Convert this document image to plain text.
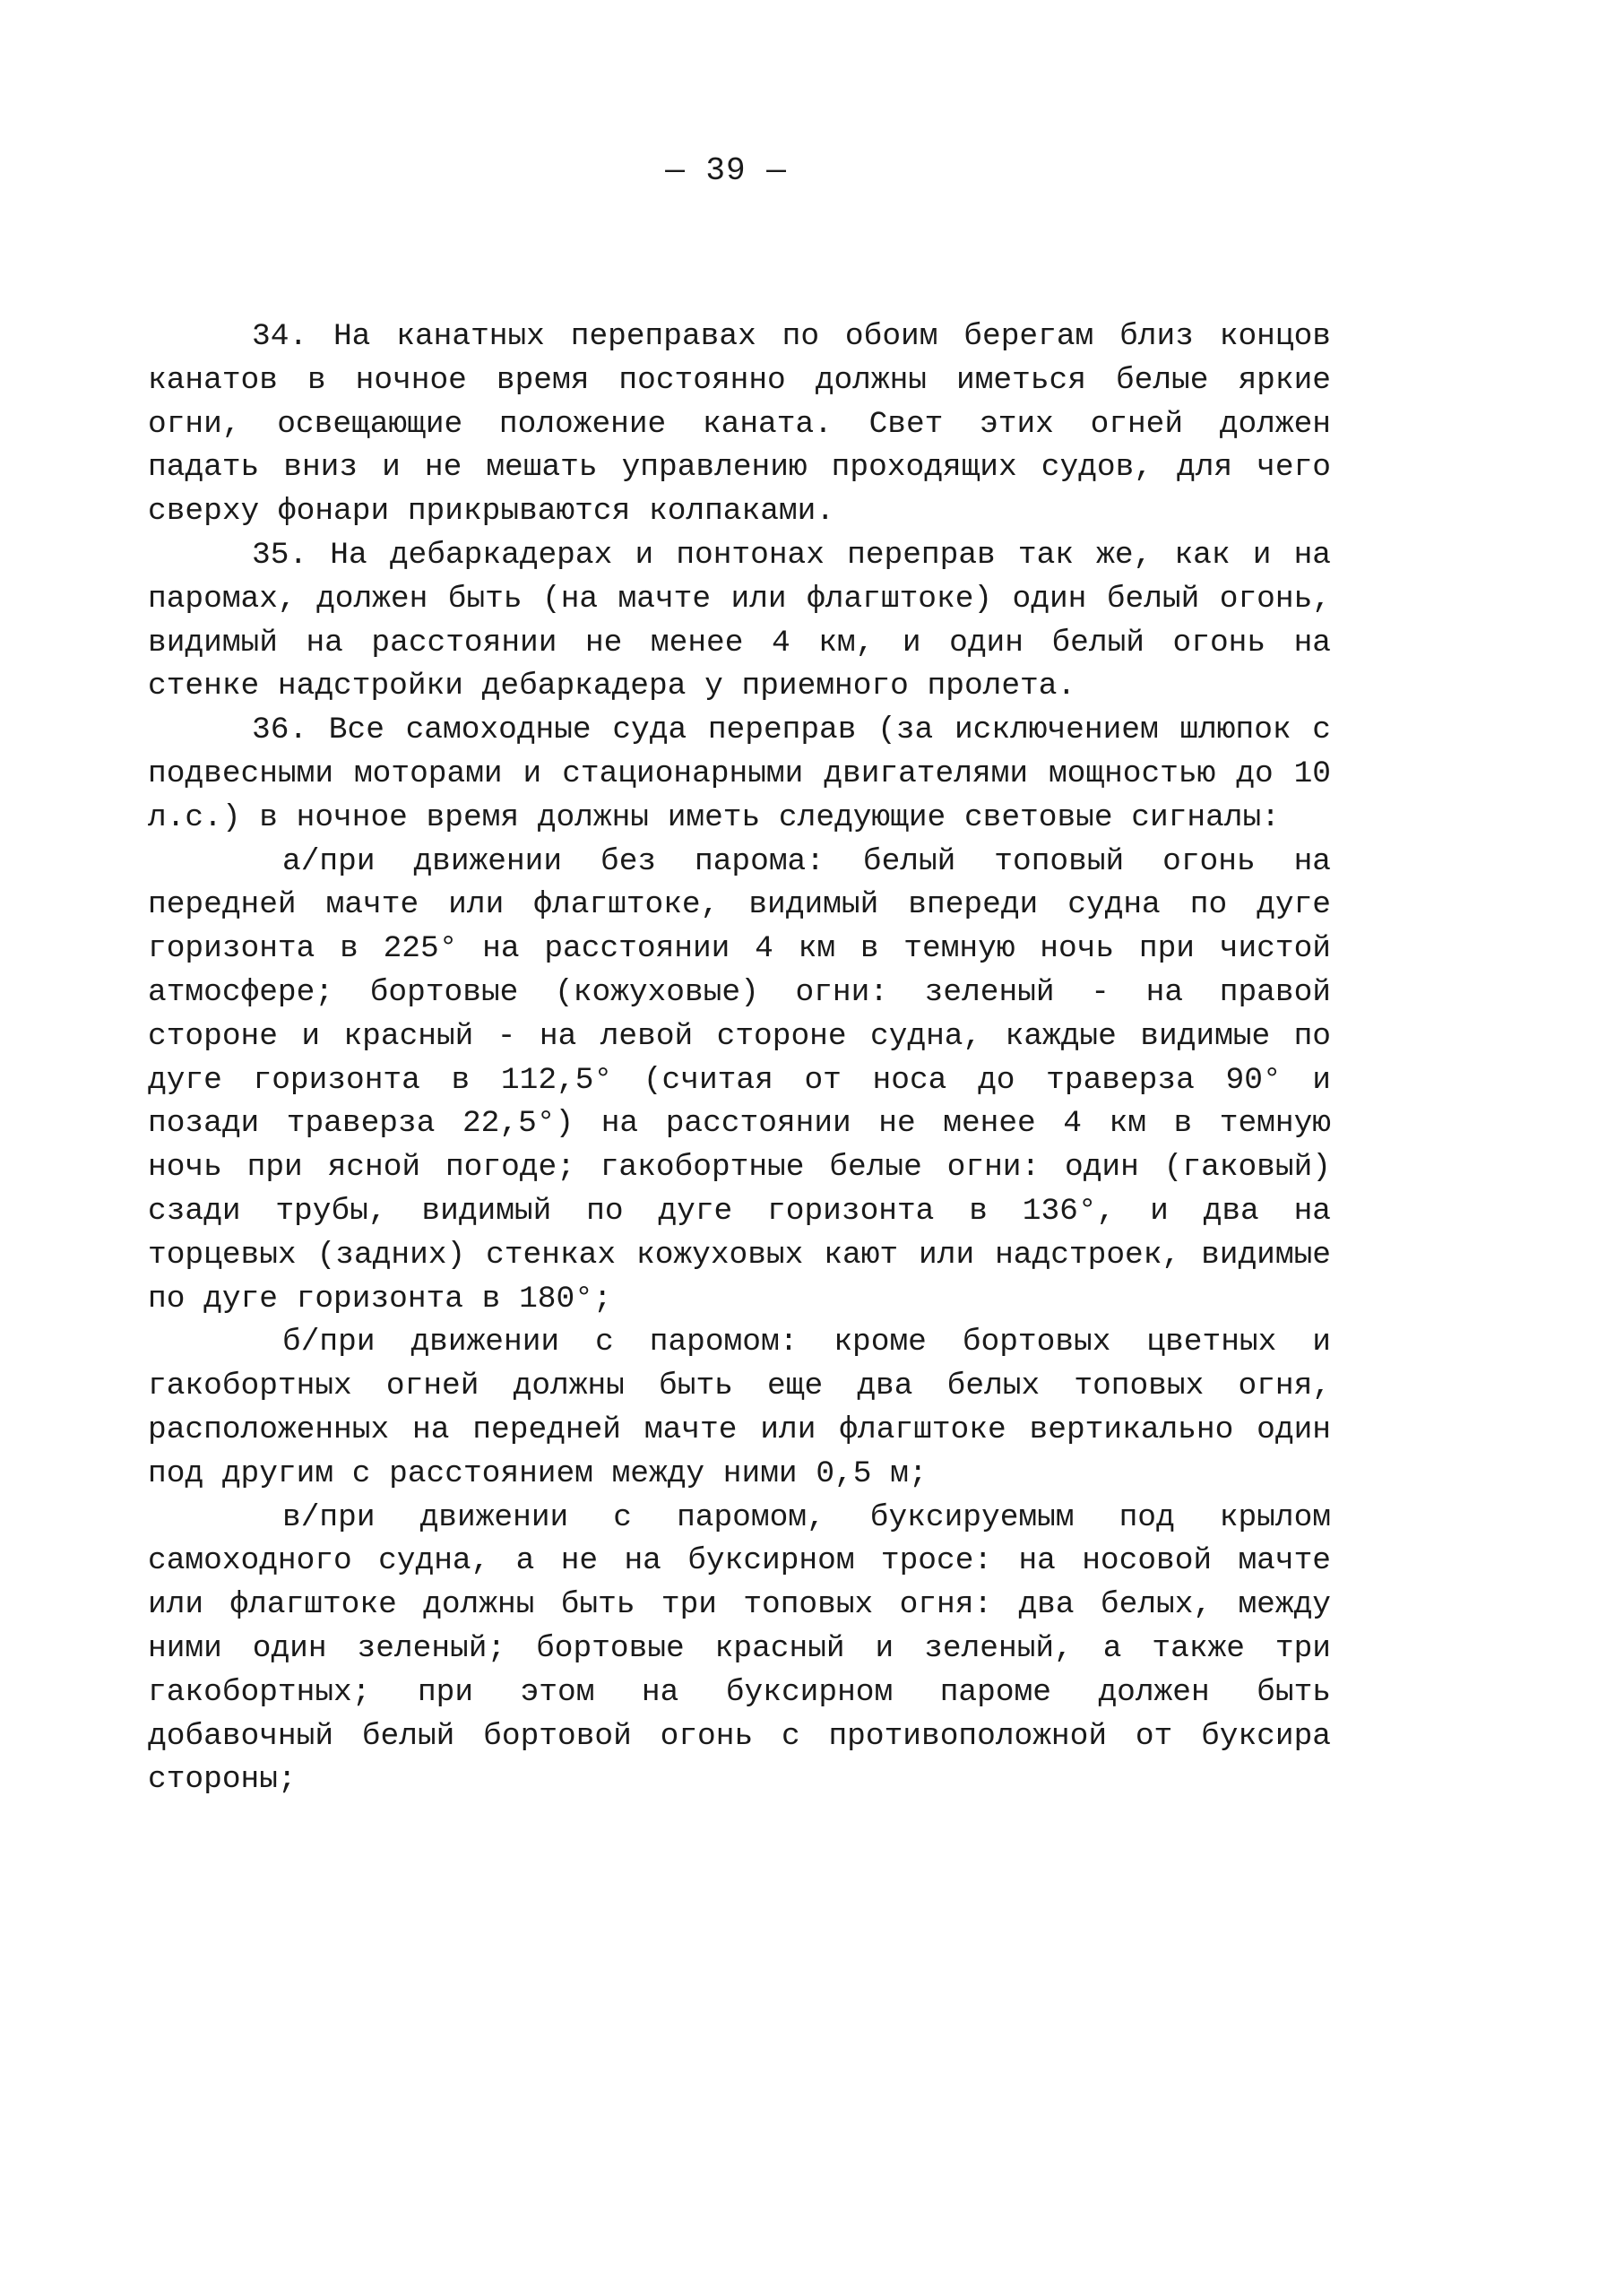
— 39 —

34. На канатных переправах по обоим берегам близ концов канатов в ночное время постоянно должны иметься белые яркие огни, освещающие положение каната. Свет этих огней должен падать вниз и не мешать управлению проходящих судов, для чего сверху фонари прикрываются колпаками.

35. На дебаркадерах и понтонах переправ так же, как и на паромах, должен быть (на мачте или флагштоке) один белый огонь, видимый на расстоянии не менее 4 км, и один белый огонь на стенке надстройки дебаркадера у приемного пролета.

36. Все самоходные суда переправ (за исключением шлюпок с подвесными моторами и стационарными двигателями мощностью до 10 л.с.) в ночное время должны иметь следующие световые сигналы:

а/при движении без парома: белый топовый огонь на передней мачте или флагштоке, видимый впереди судна по дуге горизонта в 225° на расстоянии 4 км в темную ночь при чистой атмосфере; бортовые (кожуховые) огни: зеленый - на правой стороне и красный - на левой стороне судна, каждые видимые по дуге горизонта в 112,5° (считая от носа до траверза 90° и позади траверза 22,5°) на расстоянии не менее 4 км в темную ночь при ясной погоде; гакобортные белые огни: один (гаковый) сзади трубы, видимый по дуге горизонта в 136°, и два на торцевых (задних) стенках кожуховых кают или надстроек, видимые по дуге горизонта в 180°;

б/при движении с паромом: кроме бортовых цветных и гакобортных огней должны быть еще два белых топовых огня, расположенных на передней мачте или флагштоке вертикально один под другим с расстоянием между ними 0,5 м;

в/при движении с паромом, буксируемым под крылом самоходного судна, а не на буксирном тросе: на носовой мачте или флагштоке должны быть три топовых огня: два белых, между ними один зеленый; бортовые красный и зеленый, а также три гакобортных; при этом на буксирном пароме должен быть добавочный белый бортовой огонь с противоположной от буксира стороны;
